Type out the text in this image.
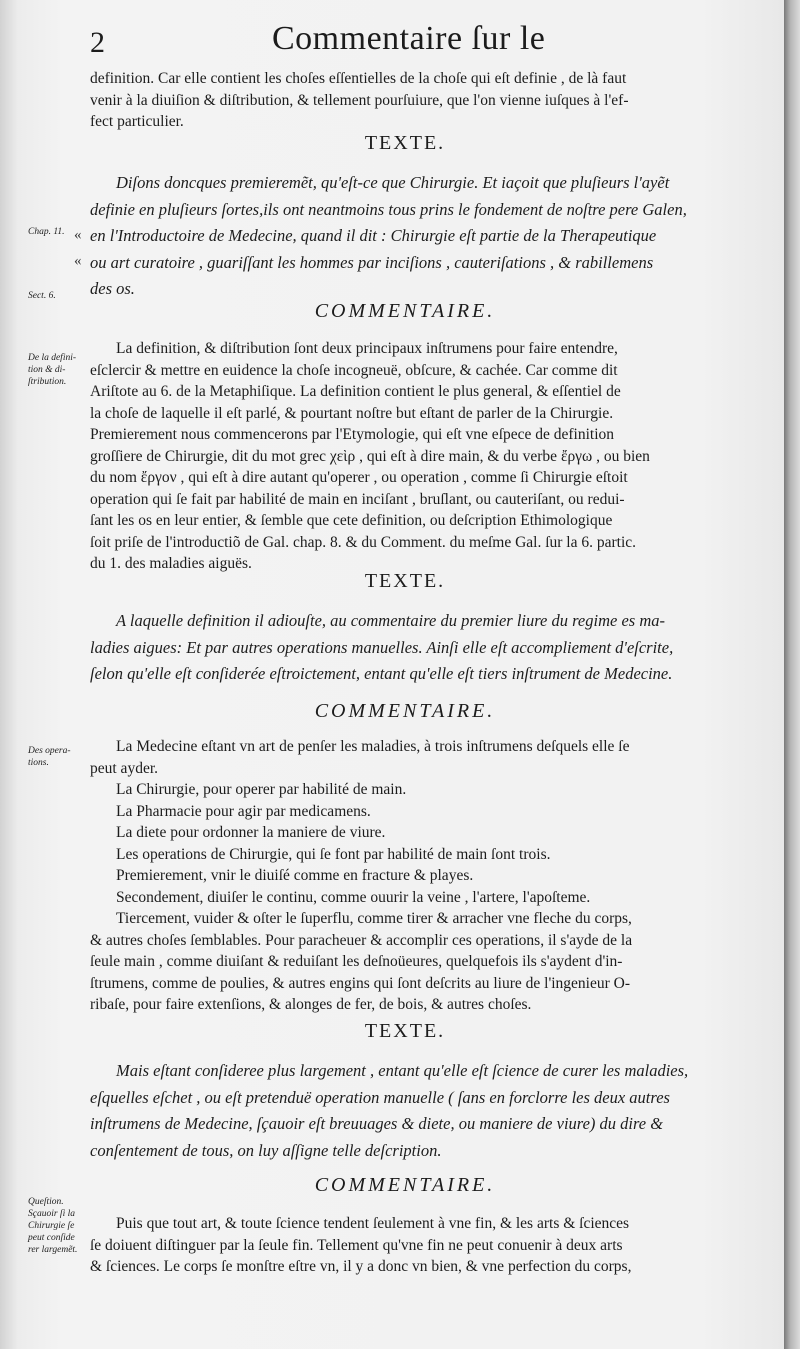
2	Commentaire ſur le
definition. Car elle contient les choſes eſſentielles de la choſe qui eſt definie , de là faut
venir à la diuiſion & diſtribution, & tellement pourſuiure, que l'on vienne iuſques à l'ef-
fect particulier.
TEXTE.
Diſons doncques premieremẽt, qu'eſt-ce que Chirurgie. Et iaçoit que pluſieurs l'ayẽt
definie en pluſieurs ſortes,ils ont neantmoins tous prins le fondement de noſtre pere Galen,
en l'Introductoire de Medecine, quand il dit : Chirurgie eſt partie de la Therapeutique
ou art curatoire , guariſſant les hommes par inciſions , cauteriſations , & rabillemens
des os.
Chap. 11.
Sect. 6.
«
«
COMMENTAIRE.
De la defini-
tion & di-
ſtribution.
La definition, & diſtribution ſont deux principaux inſtrumens pour faire entendre,
eſclercir & mettre en euidence la choſe incogneuë, obſcure, & cachée. Car comme dit
Ariſtote au 6. de la Metaphiſique. La definition contient le plus general, & eſſentiel de
la choſe de laquelle il eſt parlé, & pourtant noſtre but eſtant de parler de la Chirurgie.
Premierement nous commencerons par l'Etymologie, qui eſt vne eſpece de definition
groſſiere de Chirurgie, dit du mot grec χεὶρ , qui eſt à dire main, & du verbe ἔργω , ou bien
du nom ἔργον , qui eſt à dire autant qu'operer , ou operation , comme ſi Chirurgie eſtoit
operation qui ſe fait par habilité de main en inciſant , bruſlant, ou cauteriſant, ou redui-
ſant les os en leur entier, & ſemble que cete definition, ou deſcription Ethimologique
ſoit priſe de l'introductiõ de Gal. chap. 8. & du Comment. du meſme Gal. ſur la 6. partic.
du 1. des maladies aiguës.
TEXTE.
A laquelle definition il adiouſte, au commentaire du premier liure du regime es ma-
ladies aigues: Et par autres operations manuelles. Ainſi elle eſt accompliement d'eſcrite,
ſelon qu'elle eſt conſiderée eſtroictement, entant qu'elle eſt tiers inſtrument de Medecine.
COMMENTAIRE.
Des opera-
tions.
La Medecine eſtant vn art de penſer les maladies, à trois inſtrumens deſquels elle ſe
peut ayder.
La Chirurgie, pour operer par habilité de main.
La Pharmacie pour agir par medicamens.
La diete pour ordonner la maniere de viure.
Les operations de Chirurgie, qui ſe font par habilité de main ſont trois.
Premierement, vnir le diuiſé comme en fracture & playes.
Secondement, diuiſer le continu, comme ouurir la veine , l'artere, l'apoſteme.
Tiercement, vuider & oſter le ſuperflu, comme tirer & arracher vne fleche du corps,
& autres choſes ſemblables. Pour paracheuer & accomplir ces operations, il s'ayde de la
ſeule main , comme diuiſant & reduiſant les deſnoüeures, quelquefois ils s'aydent d'in-
ſtrumens, comme de poulies, & autres engins qui ſont deſcrits au liure de l'ingenieur O-
ribaſe, pour faire extenſions, & alonges de fer, de bois, & autres choſes.
TEXTE.
Mais eſtant conſideree plus largement , entant qu'elle eſt ſcience de curer les maladies,
eſquelles eſchet , ou eſt pretenduë operation manuelle ( ſans en forclorre les deux autres
inſtrumens de Medecine, ſçauoir eſt breuuages & diete, ou maniere de viure) du dire &
conſentement de tous, on luy aſſigne telle deſcription.
COMMENTAIRE.
Queſtion.
Sçauoir ſi la
Chirurgie ſe
peut conſide
rer largemẽt.
Puis que tout art, & toute ſcience tendent ſeulement à vne fin, & les arts & ſciences
ſe doiuent diſtinguer par la ſeule fin. Tellement qu'vne fin ne peut conuenir à deux arts
& ſciences. Le corps ſe monſtre eſtre vn, il y a donc vn bien, & vne perfection du corps,
